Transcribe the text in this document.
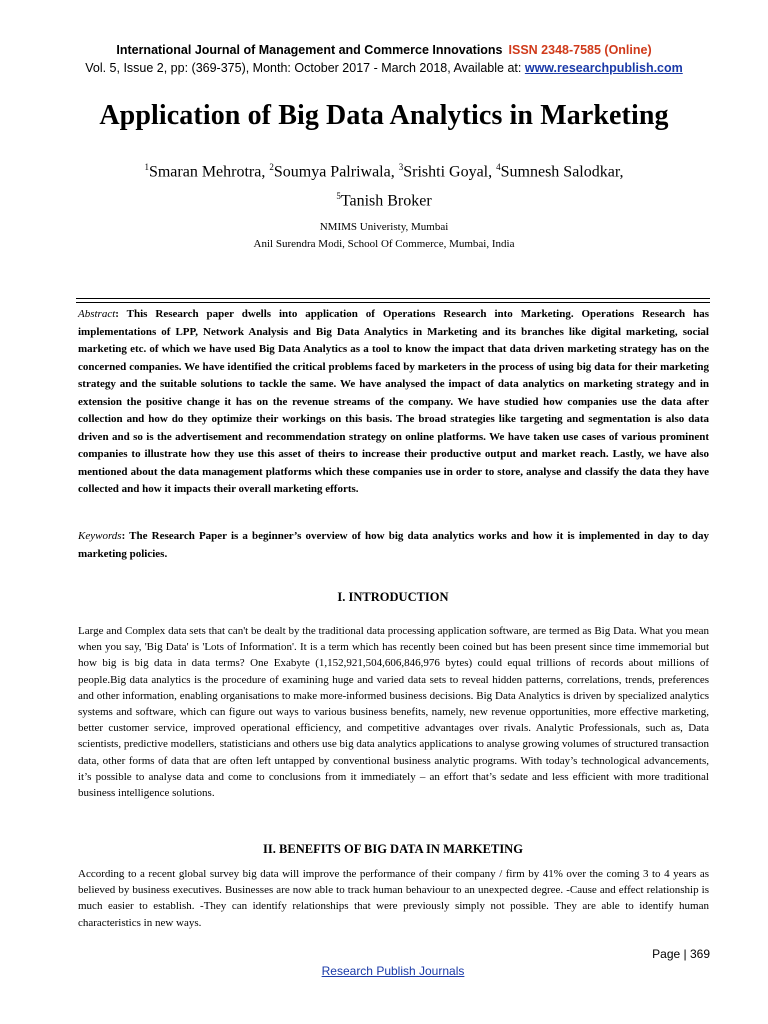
International Journal of Management and Commerce Innovations ISSN 2348-7585 (Online)
Vol. 5, Issue 2, pp: (369-375), Month: October 2017 - March 2018, Available at: www.researchpublish.com
Application of Big Data Analytics in Marketing
$^1$Smaran Mehrotra, $^2$Soumya Palriwala, $^3$Srishti Goyal, $^4$Sumnesh Salodkar,
$^5$Tanish Broker
NMIMS Univeristy, Mumbai
Anil Surendra Modi, School Of Commerce, Mumbai, India
Abstract: This Research paper dwells into application of Operations Research into Marketing. Operations Research has implementations of LPP, Network Analysis and Big Data Analytics in Marketing and its branches like digital marketing, social marketing etc. of which we have used Big Data Analytics as a tool to know the impact that data driven marketing strategy has on the concerned companies. We have identified the critical problems faced by marketers in the process of using big data for their marketing strategy and the suitable solutions to tackle the same. We have analysed the impact of data analytics on marketing strategy and in extension the positive change it has on the revenue streams of the company. We have studied how companies use the data after collection and how do they optimize their workings on this basis. The broad strategies like targeting and segmentation is also data driven and so is the advertisement and recommendation strategy on online platforms. We have taken use cases of various prominent companies to illustrate how they use this asset of theirs to increase their productive output and market reach. Lastly, we have also mentioned about the data management platforms which these companies use in order to store, analyse and classify the data they have collected and how it impacts their overall marketing efforts.
Keywords: The Research Paper is a beginner’s overview of how big data analytics works and how it is implemented in day to day marketing policies.
I. INTRODUCTION
Large and Complex data sets that can't be dealt by the traditional data processing application software, are termed as Big Data. What you mean when you say, 'Big Data' is 'Lots of Information'. It is a term which has recently been coined but has been present since time immemorial but how big is big data in data terms? One Exabyte (1,152,921,504,606,846,976 bytes) could equal trillions of records about millions of people.Big data analytics is the procedure of examining huge and varied data sets to reveal hidden patterns, correlations, trends, preferences and other information, enabling organisations to make more-informed business decisions. Big Data Analytics is driven by specialized analytics systems and software, which can figure out ways to various business benefits, namely, new revenue opportunities, more effective marketing, better customer service, improved operational efficiency, and competitive advantages over rivals. Analytic Professionals, such as, Data scientists, predictive modellers, statisticians and others use big data analytics applications to analyse growing volumes of structured transaction data, other forms of data that are often left untapped by conventional business analytic programs. With today’s technological advancements, it’s possible to analyse data and come to conclusions from it immediately – an effort that’s sedate and less efficient with more traditional business intelligence solutions.
II. BENEFITS OF BIG DATA IN MARKETING
According to a recent global survey big data will improve the performance of their company / firm by 41% over the coming 3 to 4 years as believed by business executives. Businesses are now able to track human behaviour to an unexpected degree. -Cause and effect relationship is much easier to establish. -They can identify relationships that were previously simply not possible. They are able to identify human characteristics in new ways.
Page | 369
Research Publish Journals
